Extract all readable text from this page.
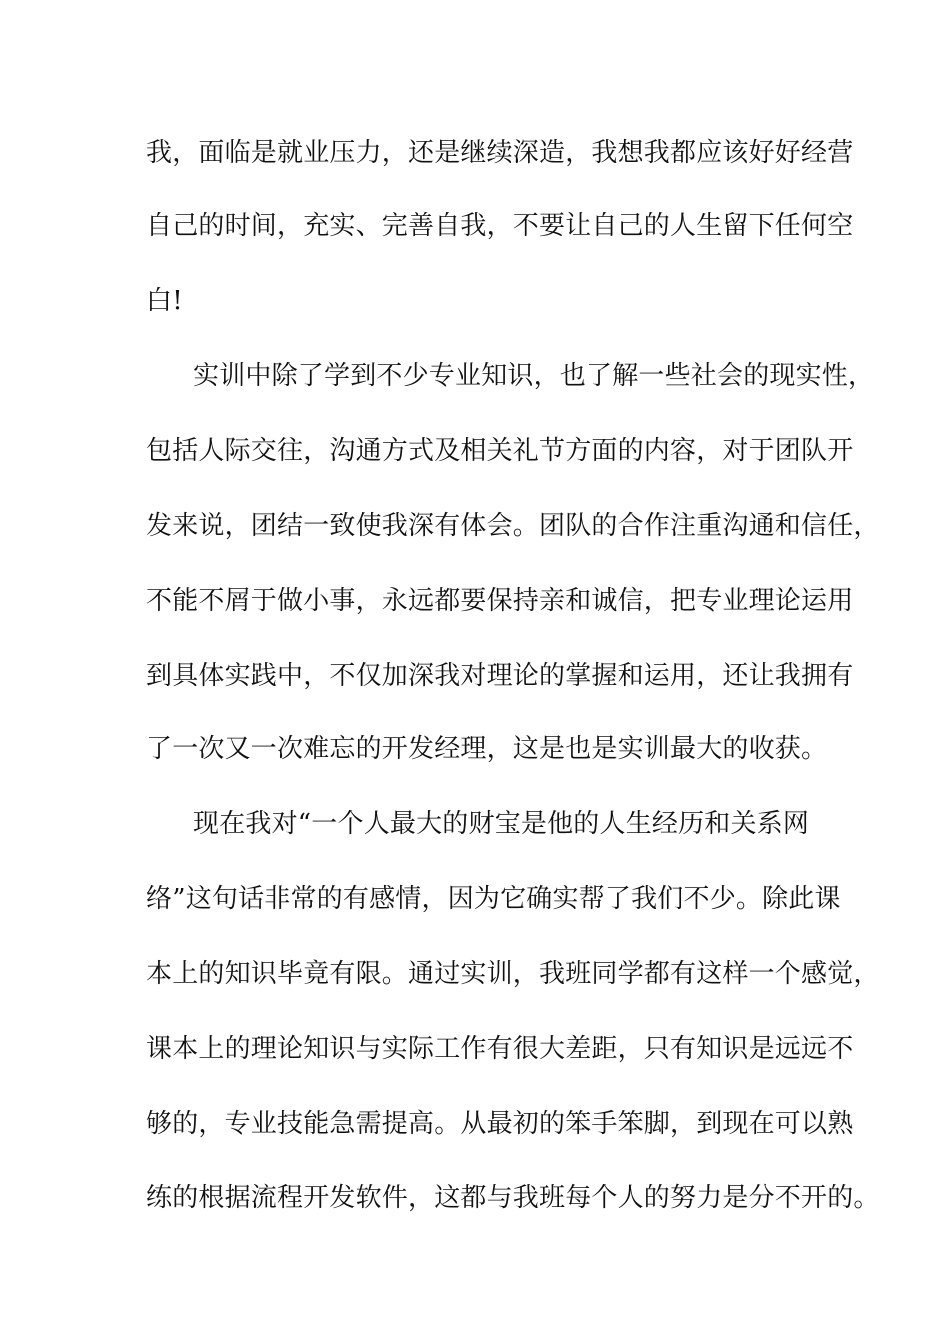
我，面临是就业压力，还是继续深造，我想我都应该好好经营
自己的时间，充实、完善自我，不要让自己的人生留下任何空
白!
实训中除了学到不少专业知识，也了解一些社会的现实性，
包括人际交往，沟通方式及相关礼节方面的内容，对于团队开
发来说，团结一致使我深有体会。团队的合作注重沟通和信任，
不能不屑于做小事，永远都要保持亲和诚信，把专业理论运用
到具体实践中，不仅加深我对理论的掌握和运用，还让我拥有
了一次又一次难忘的开发经理，这是也是实训最大的收获。
现在我对“一个人最大的财宝是他的人生经历和关系网
络”这句话非常的有感情，因为它确实帮了我们不少。除此课
本上的知识毕竟有限。通过实训，我班同学都有这样一个感觉，
课本上的理论知识与实际工作有很大差距，只有知识是远远不
够的，专业技能急需提高。从最初的笨手笨脚，到现在可以熟
练的根据流程开发软件，这都与我班每个人的努力是分不开的。
